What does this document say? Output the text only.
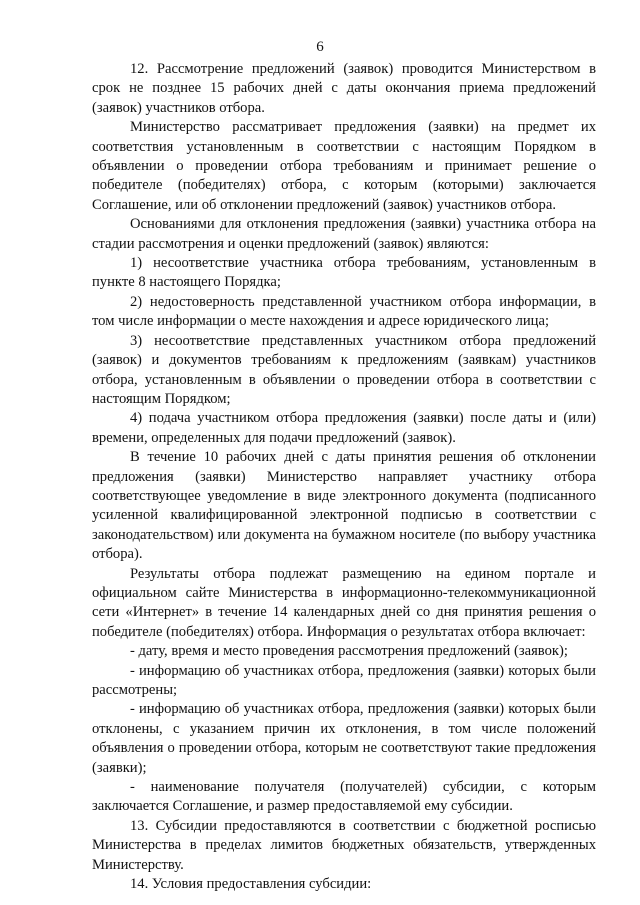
6

12. Рассмотрение предложений (заявок) проводится Министерством в срок не позднее 15 рабочих дней с даты окончания приема предложений (заявок) участников отбора.

Министерство рассматривает предложения (заявки) на предмет их соответствия установленным в соответствии с настоящим Порядком в объявлении о проведении отбора требованиям и принимает решение о победителе (победителях) отбора, с которым (которыми) заключается Соглашение, или об отклонении предложений (заявок) участников отбора.

Основаниями для отклонения предложения (заявки) участника отбора на стадии рассмотрения и оценки предложений (заявок) являются:

1) несоответствие участника отбора требованиям, установленным в пункте 8 настоящего Порядка;

2) недостоверность представленной участником отбора информации, в том числе информации о месте нахождения и адресе юридического лица;

3) несоответствие представленных участником отбора предложений (заявок) и документов требованиям к предложениям (заявкам) участников отбора, установленным в объявлении о проведении отбора в соответствии с настоящим Порядком;

4) подача участником отбора предложения (заявки) после даты и (или) времени, определенных для подачи предложений (заявок).

В течение 10 рабочих дней с даты принятия решения об отклонении предложения (заявки) Министерство направляет участнику отбора соответствующее уведомление в виде электронного документа (подписанного усиленной квалифицированной электронной подписью в соответствии с законодательством) или документа на бумажном носителе (по выбору участника отбора).

Результаты отбора подлежат размещению на едином портале и официальном сайте Министерства в информационно-телекоммуникационной сети «Интернет» в течение 14 календарных дней со дня принятия решения о победителе (победителях) отбора. Информация о результатах отбора включает:

- дату, время и место проведения рассмотрения предложений (заявок);

- информацию об участниках отбора, предложения (заявки) которых были рассмотрены;

- информацию об участниках отбора, предложения (заявки) которых были отклонены, с указанием причин их отклонения, в том числе положений объявления о проведении отбора, которым не соответствуют такие предложения (заявки);

- наименование получателя (получателей) субсидии, с которым заключается Соглашение, и размер предоставляемой ему субсидии.

13. Субсидии предоставляются в соответствии с бюджетной росписью Министерства в пределах лимитов бюджетных обязательств, утвержденных Министерству.

14. Условия предоставления субсидии:
